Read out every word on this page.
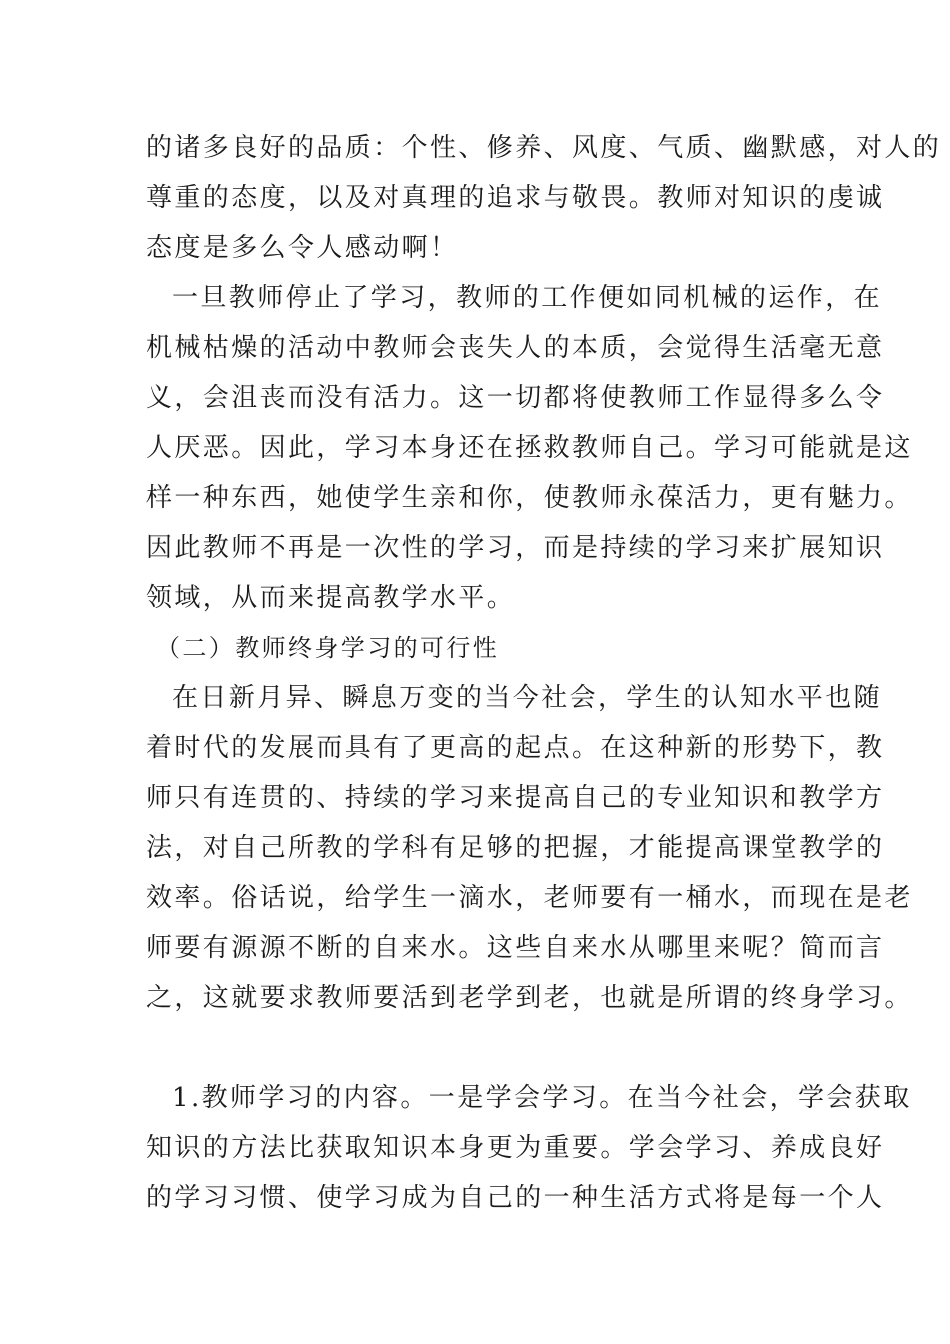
的诸多良好的品质：个性、修养、风度、气质、幽默感，对人的
尊重的态度，以及对真理的追求与敬畏。教师对知识的虔诚
态度是多么令人感动啊！
一旦教师停止了学习，教师的工作便如同机械的运作，在
机械枯燥的活动中教师会丧失人的本质，会觉得生活毫无意
义，会沮丧而没有活力。这一切都将使教师工作显得多么令
人厌恶。因此，学习本身还在拯救教师自己。学习可能就是这
样一种东西，她使学生亲和你，使教师永葆活力，更有魅力。
因此教师不再是一次性的学习，而是持续的学习来扩展知识
领域，从而来提高教学水平。
（二）教师终身学习的可行性
在日新月异、瞬息万变的当今社会，学生的认知水平也随
着时代的发展而具有了更高的起点。在这种新的形势下，教
师只有连贯的、持续的学习来提高自己的专业知识和教学方
法，对自己所教的学科有足够的把握，才能提高课堂教学的
效率。俗话说，给学生一滴水，老师要有一桶水，而现在是老
师要有源源不断的自来水。这些自来水从哪里来呢？简而言
之，这就要求教师要活到老学到老，也就是所谓的终身学习。
1.教师学习的内容。一是学会学习。在当今社会，学会获取
知识的方法比获取知识本身更为重要。学会学习、养成良好
的学习习惯、使学习成为自己的一种生活方式将是每一个人
